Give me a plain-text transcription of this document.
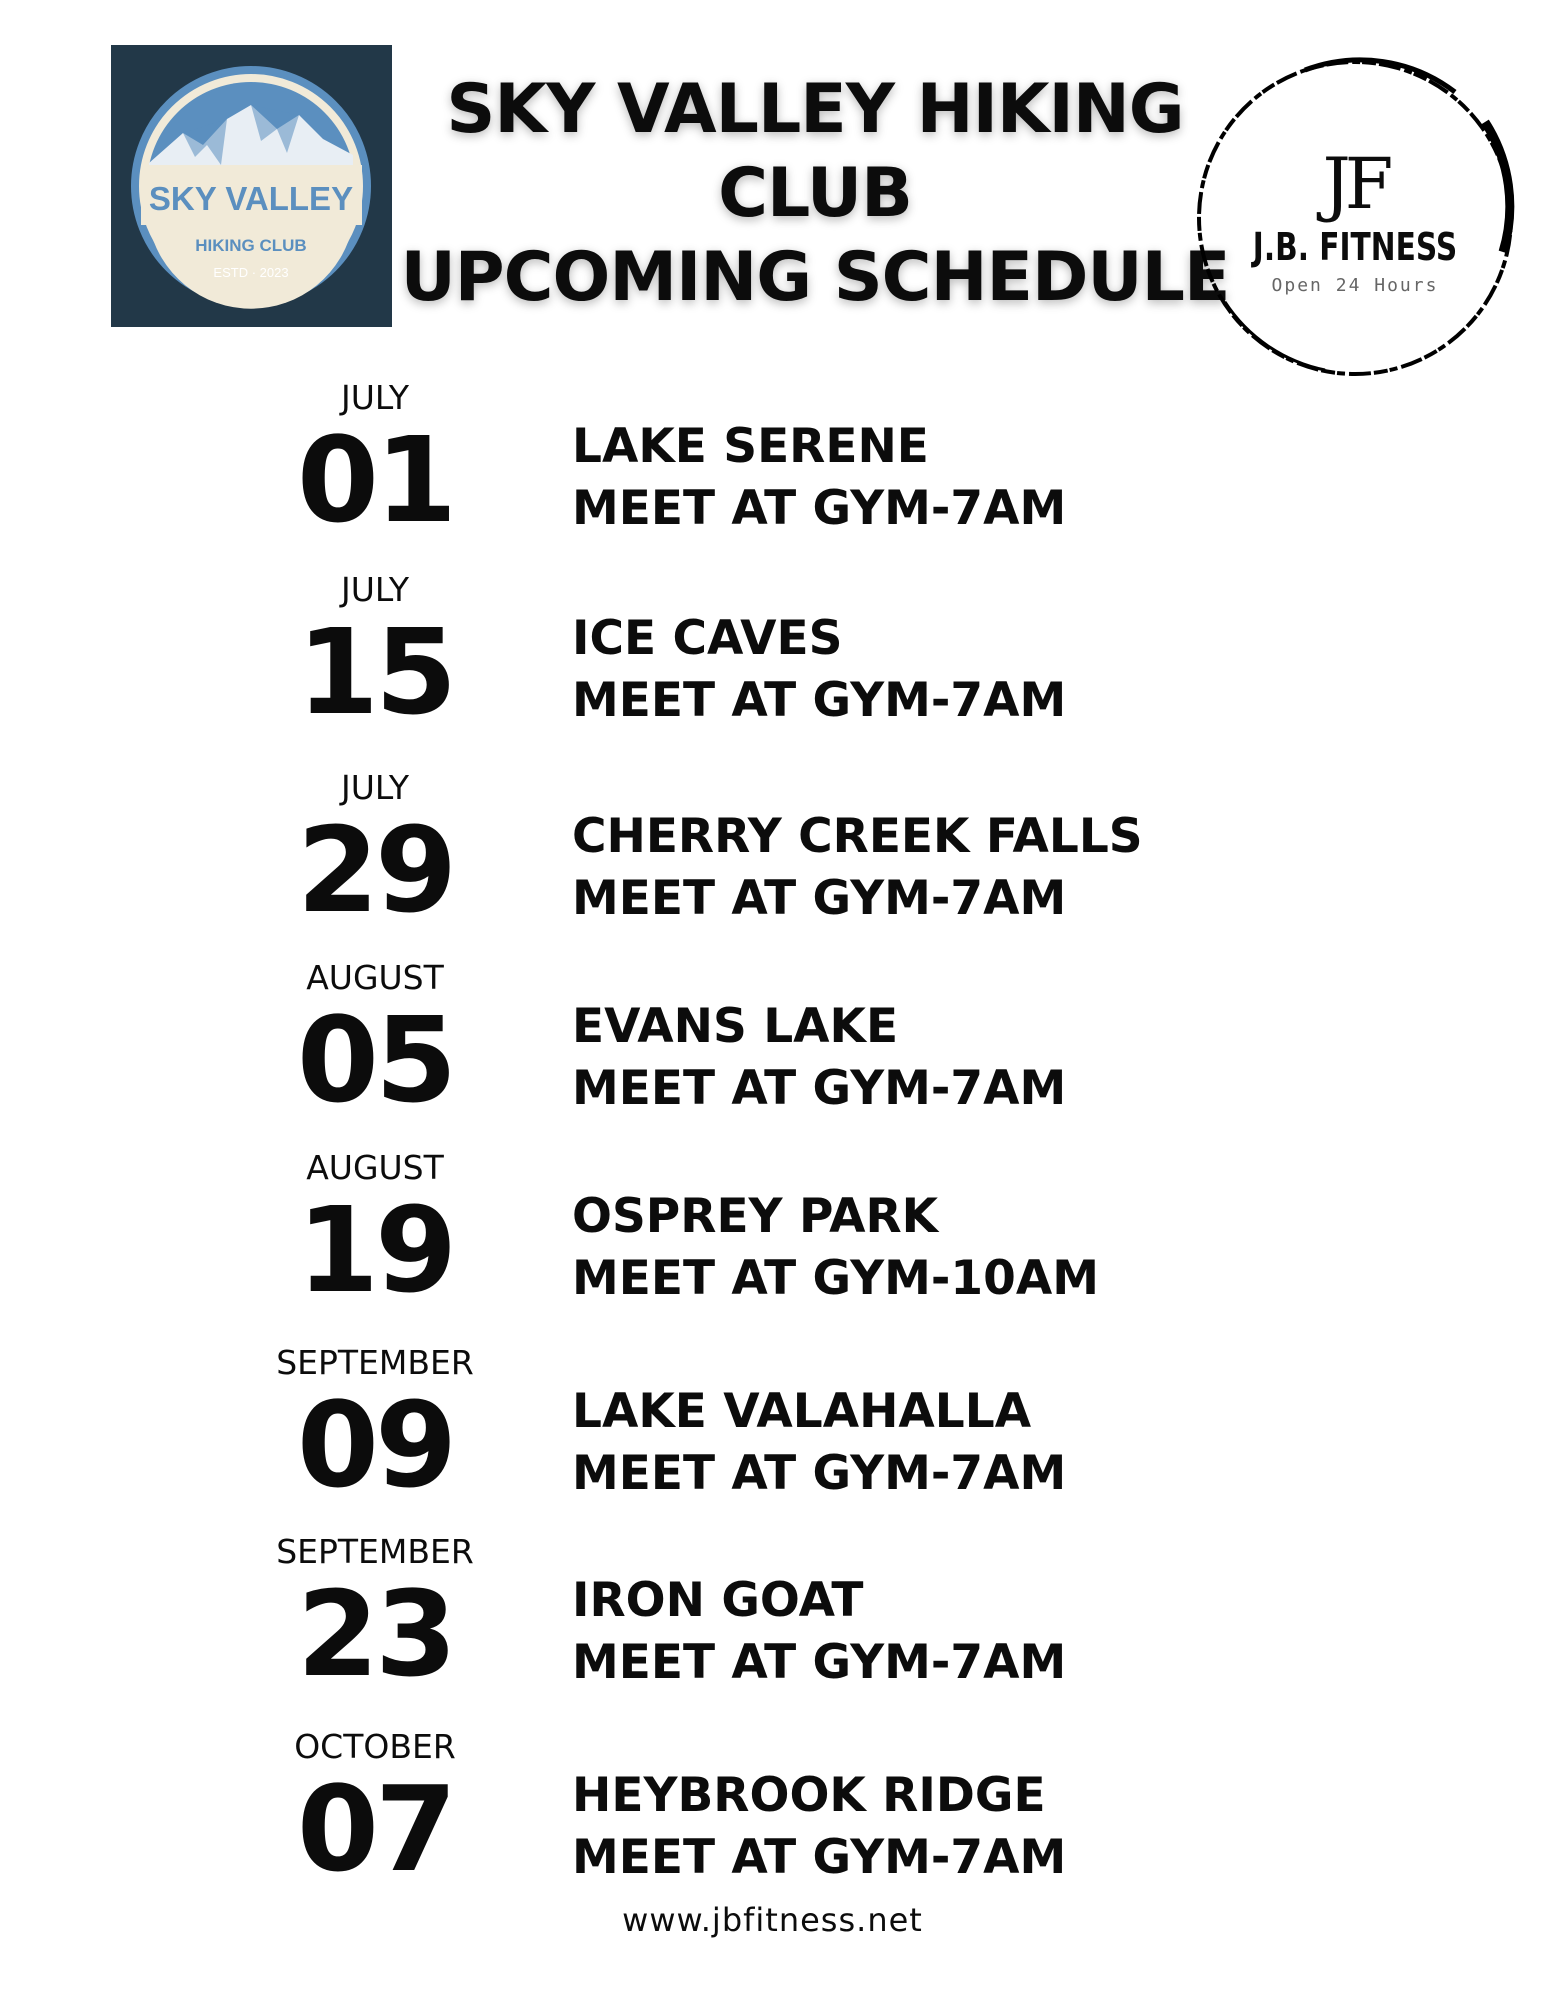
SKY VALLEY
HIKING CLUB
ESTD · 2023
SKY VALLEY HIKING
CLUB
UPCOMING SCHEDULE
JF
J.B. FITNESS
Open 24 Hours
JULY
01	LAKE SERENE
MEET AT GYM-7AM
JULY
15	ICE CAVES
MEET AT GYM-7AM
JULY
29	CHERRY CREEK FALLS
MEET AT GYM-7AM
AUGUST
05	EVANS LAKE
MEET AT GYM-7AM
AUGUST
19	OSPREY PARK
MEET AT GYM-10AM
SEPTEMBER
09	LAKE VALAHALLA
MEET AT GYM-7AM
SEPTEMBER
23	IRON GOAT
MEET AT GYM-7AM
OCTOBER
07	HEYBROOK RIDGE
MEET AT GYM-7AM
www.jbfitness.net
